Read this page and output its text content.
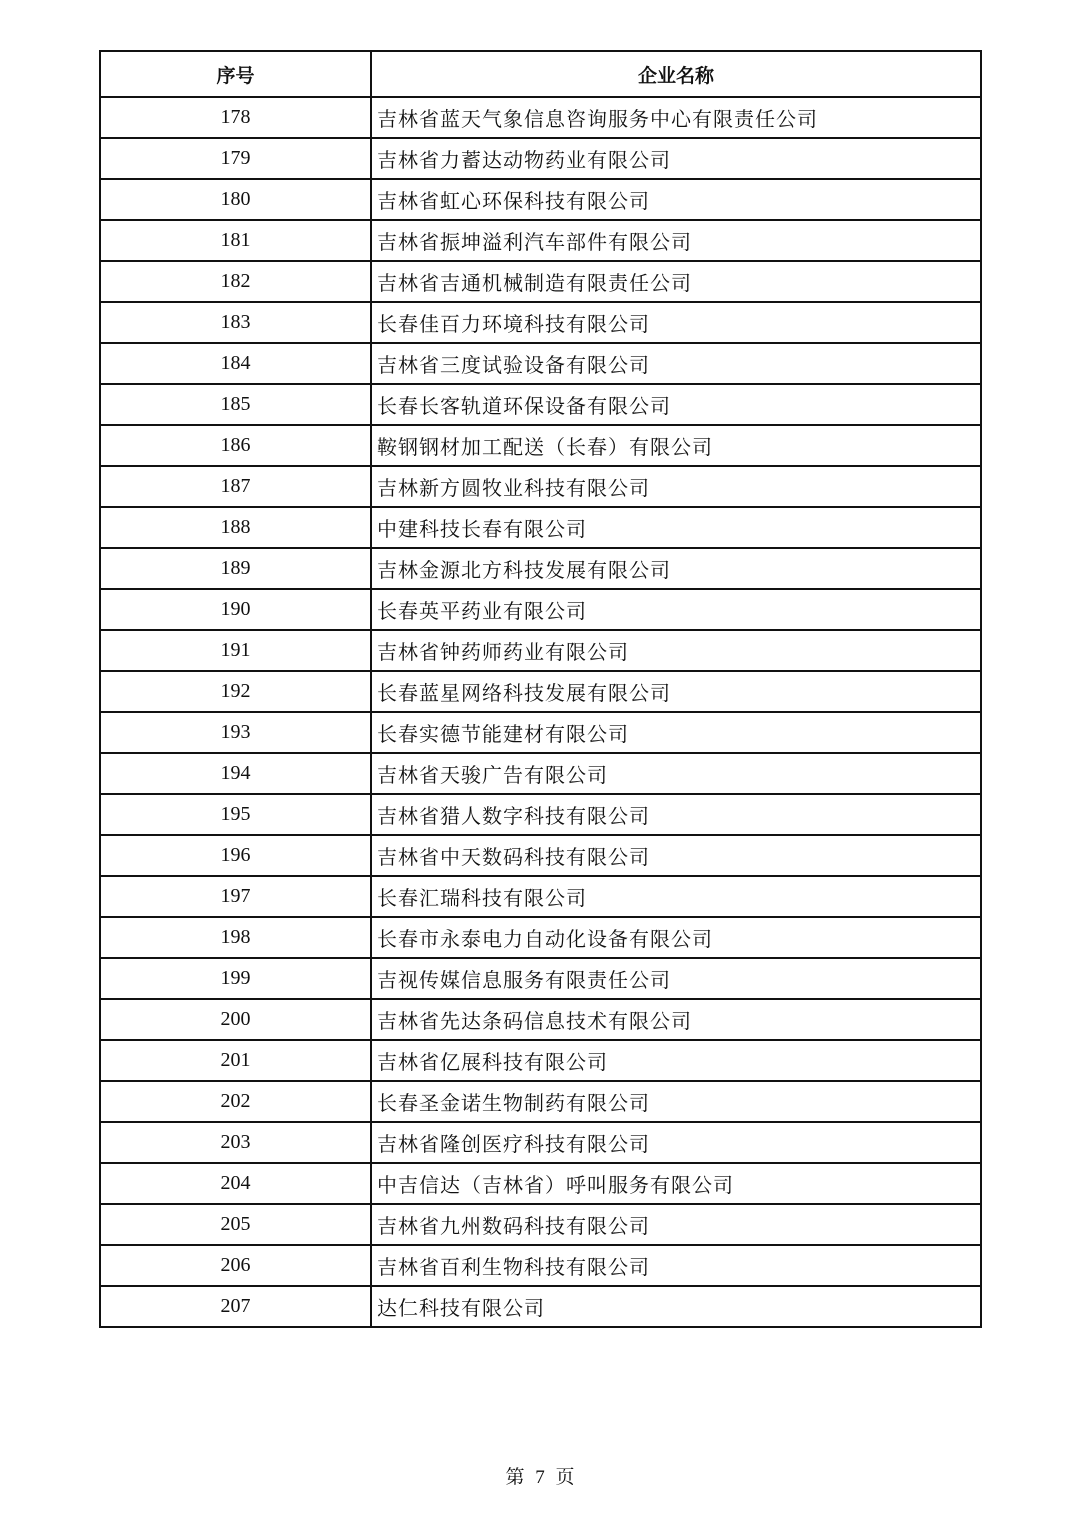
序号	企业名称
178	吉林省蓝天气象信息咨询服务中心有限责任公司
179	吉林省力蓄达动物药业有限公司
180	吉林省虹心环保科技有限公司
181	吉林省振坤溢利汽车部件有限公司
182	吉林省吉通机械制造有限责任公司
183	长春佳百力环境科技有限公司
184	吉林省三度试验设备有限公司
185	长春长客轨道环保设备有限公司
186	鞍钢钢材加工配送（长春）有限公司
187	吉林新方圆牧业科技有限公司
188	中建科技长春有限公司
189	吉林金源北方科技发展有限公司
190	长春英平药业有限公司
191	吉林省钟药师药业有限公司
192	长春蓝星网络科技发展有限公司
193	长春实德节能建材有限公司
194	吉林省天骏广告有限公司
195	吉林省猎人数字科技有限公司
196	吉林省中天数码科技有限公司
197	长春汇瑞科技有限公司
198	长春市永泰电力自动化设备有限公司
199	吉视传媒信息服务有限责任公司
200	吉林省先达条码信息技术有限公司
201	吉林省亿展科技有限公司
202	长春圣金诺生物制药有限公司
203	吉林省隆创医疗科技有限公司
204	中吉信达（吉林省）呼叫服务有限公司
205	吉林省九州数码科技有限公司
206	吉林省百利生物科技有限公司
207	达仁科技有限公司
第 7 页
